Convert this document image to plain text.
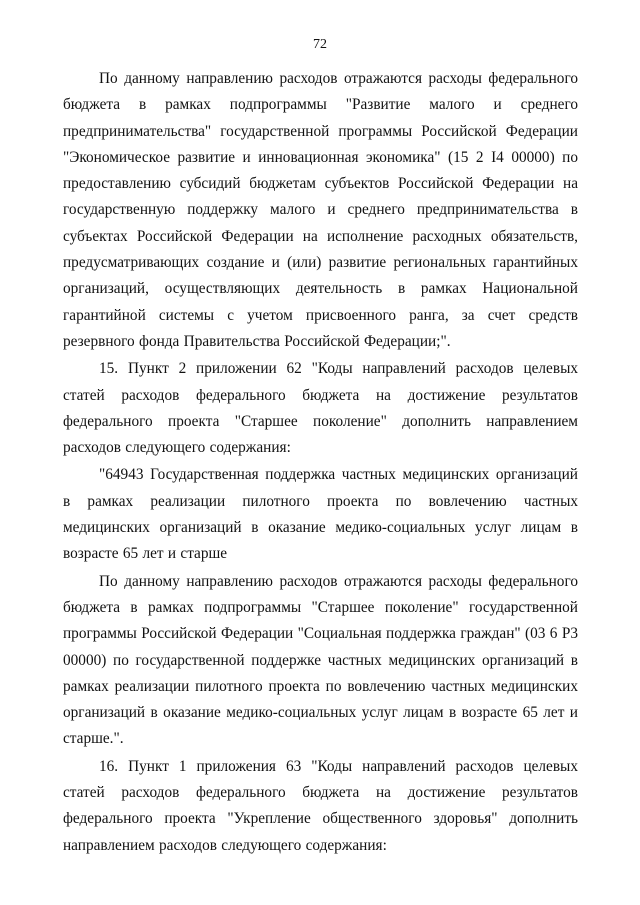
72

По данному направлению расходов отражаются расходы федерального бюджета в рамках подпрограммы "Развитие малого и среднего предпринимательства" государственной программы Российской Федерации "Экономическое развитие и инновационная экономика" (15 2 I4 00000) по предоставлению субсидий бюджетам субъектов Российской Федерации на государственную поддержку малого и среднего предпринимательства в субъектах Российской Федерации на исполнение расходных обязательств, предусматривающих создание и (или) развитие региональных гарантийных организаций, осуществляющих деятельность в рамках Национальной гарантийной системы с учетом присвоенного ранга, за счет средств резервного фонда Правительства Российской Федерации;".

15. Пункт 2 приложении 62 "Коды направлений расходов целевых статей расходов федерального бюджета на достижение результатов федерального проекта "Старшее поколение" дополнить направлением расходов следующего содержания:

"64943 Государственная поддержка частных медицинских организаций в рамках реализации пилотного проекта по вовлечению частных медицинских организаций в оказание медико-социальных услуг лицам в возрасте 65 лет и старше

По данному направлению расходов отражаются расходы федерального бюджета в рамках подпрограммы "Старшее поколение" государственной программы Российской Федерации "Социальная поддержка граждан" (03 6 P3 00000) по государственной поддержке частных медицинских организаций в рамках реализации пилотного проекта по вовлечению частных медицинских организаций в оказание медико-социальных услуг лицам в возрасте 65 лет и старше.".

16. Пункт 1 приложения 63 "Коды направлений расходов целевых статей расходов федерального бюджета на достижение результатов федерального проекта "Укрепление общественного здоровья" дополнить направлением расходов следующего содержания:
